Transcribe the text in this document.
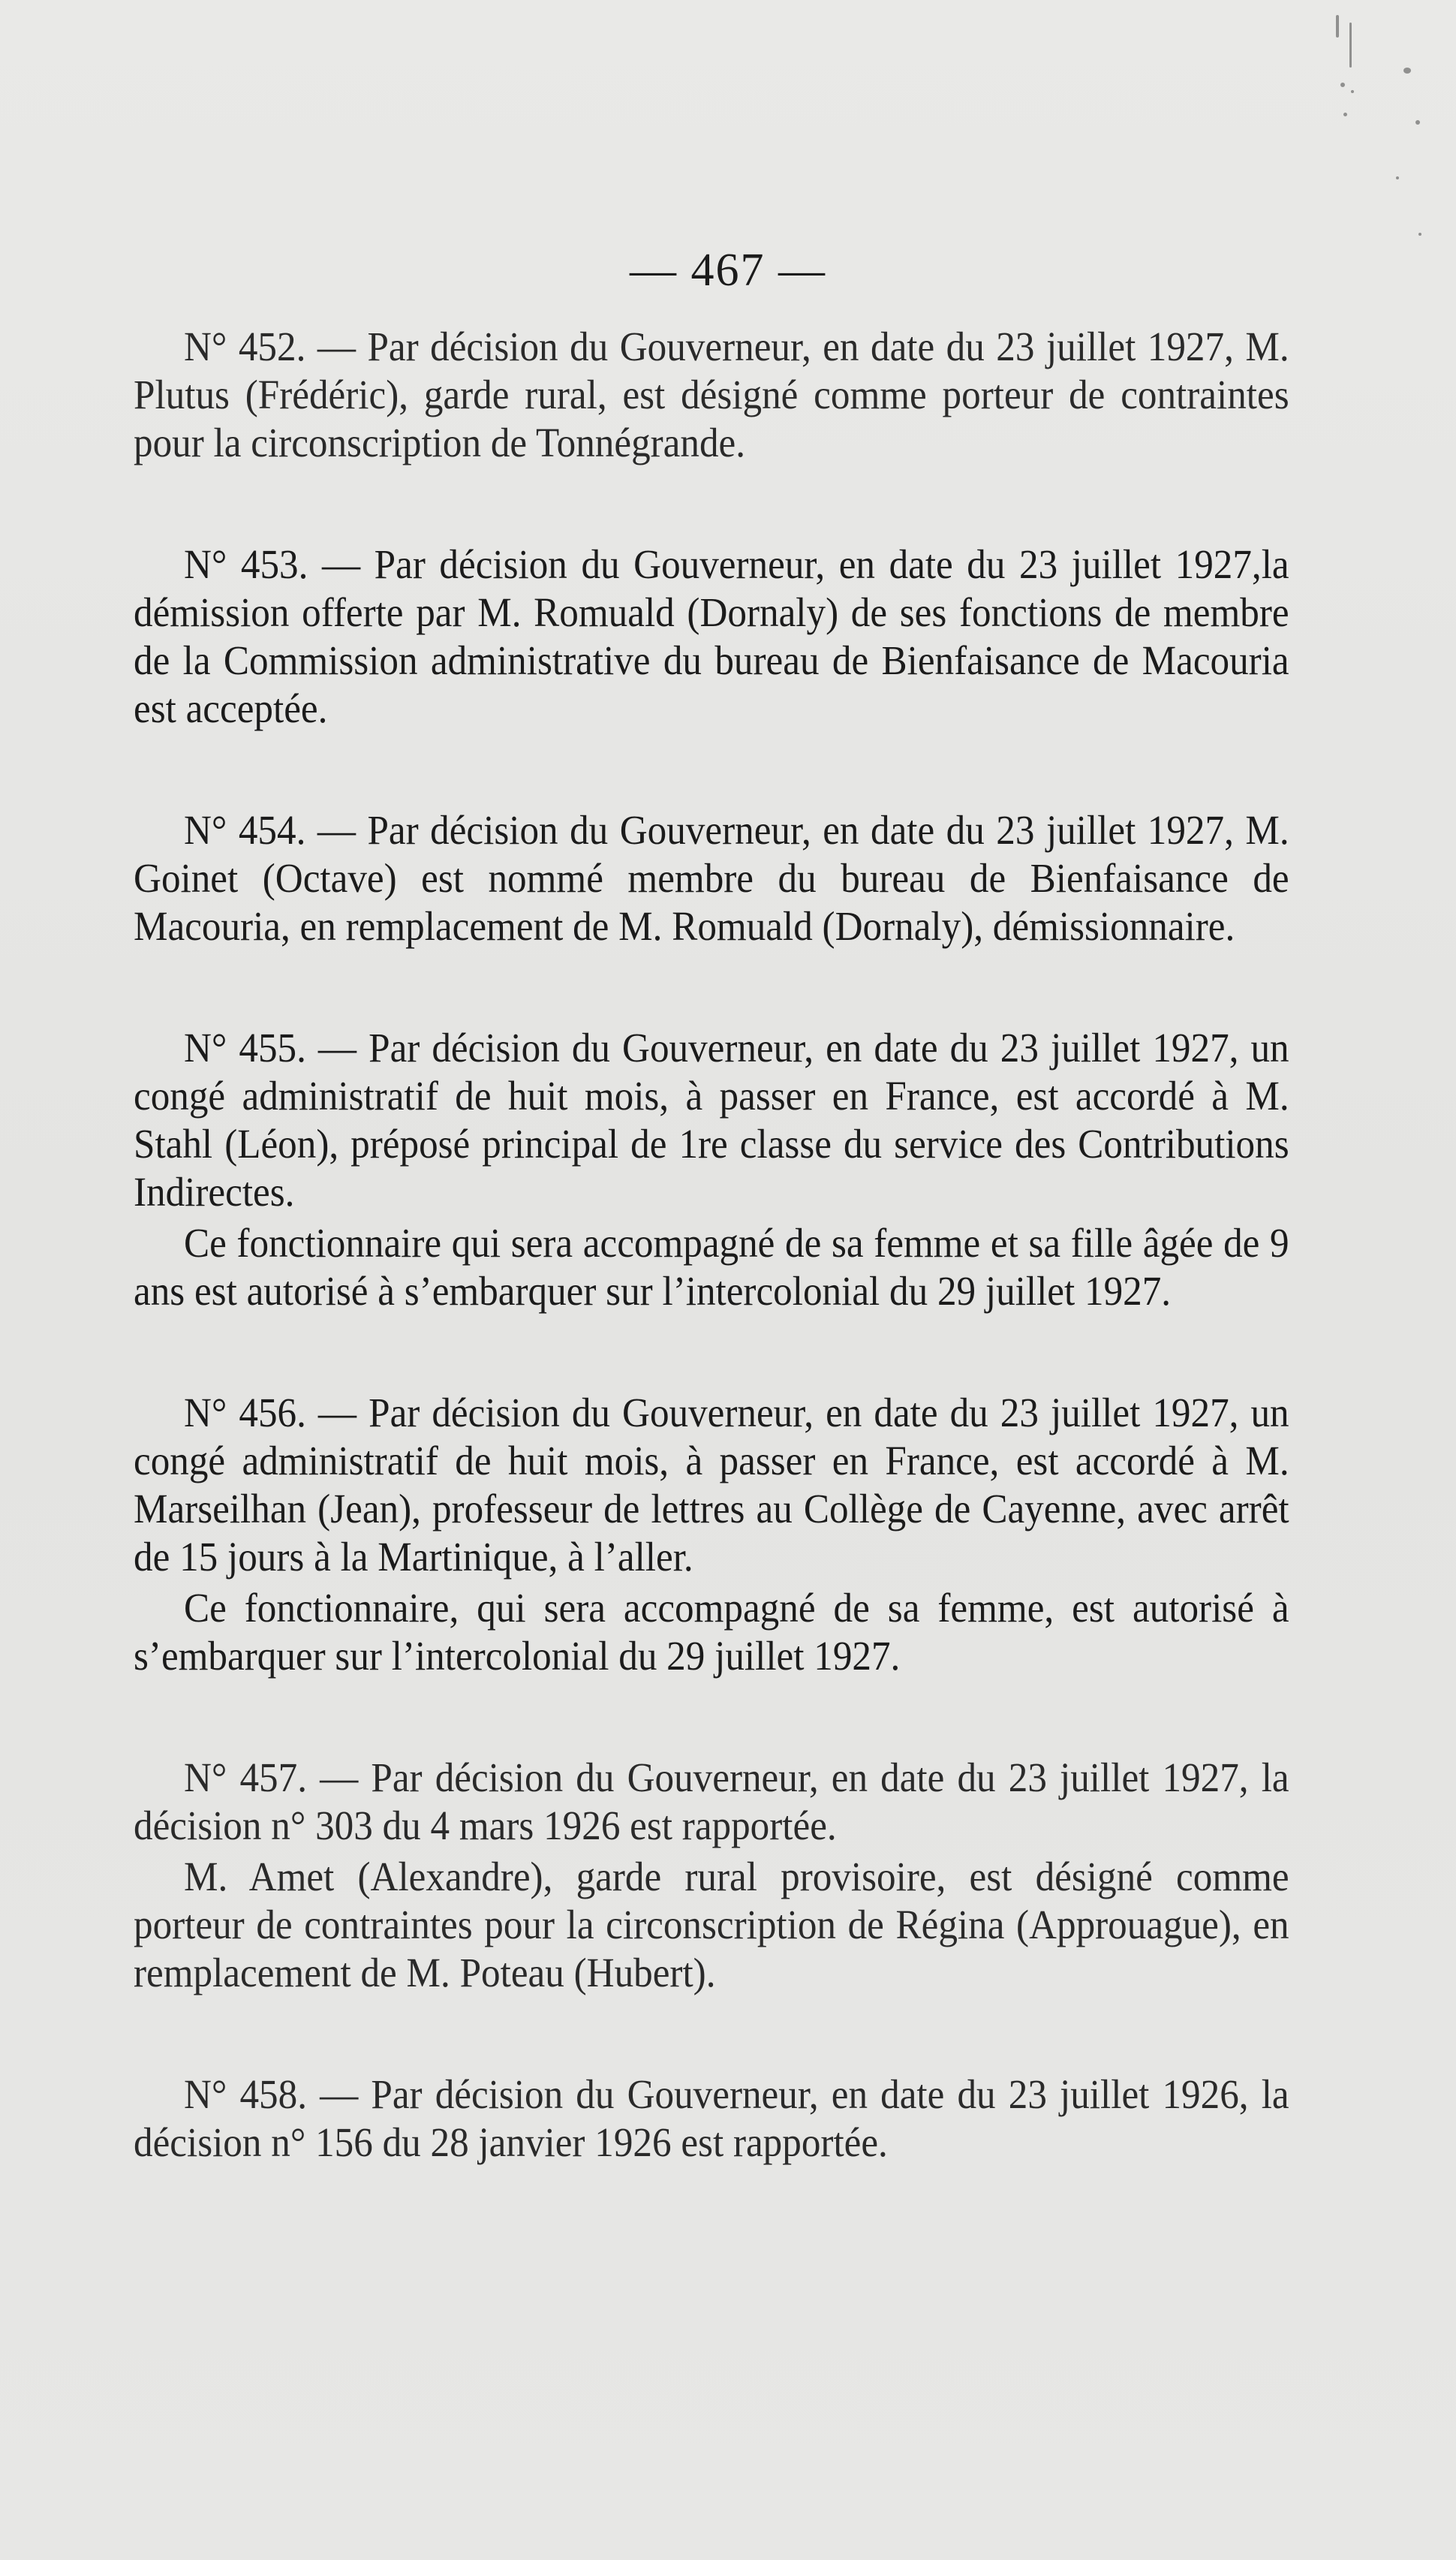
— 467 —

N° 452. — Par décision du Gouverneur, en date du 23 juillet 1927, M. Plutus (Frédéric), garde rural, est désigné comme porteur de contraintes pour la circonscription de Tonnégrande.

N° 453. — Par décision du Gouverneur, en date du 23 juillet 1927,la démission offerte par M. Romuald (Dornaly) de ses fonctions de membre de la Commission administrative du bureau de Bienfaisance de Macouria est acceptée.

N° 454. — Par décision du Gouverneur, en date du 23 juillet 1927, M. Goinet (Octave) est nommé membre du bureau de Bienfaisance de Macouria, en remplacement de M. Romuald (Dornaly), démissionnaire.

N° 455. — Par décision du Gouverneur, en date du 23 juillet 1927, un congé administratif de huit mois, à passer en France, est accordé à M. Stahl (Léon), préposé principal de 1re classe du service des Contributions Indirectes.

Ce fonctionnaire qui sera accompagné de sa femme et sa fille âgée de 9 ans est autorisé à s’embarquer sur l’intercolonial du 29 juillet 1927.

N° 456. — Par décision du Gouverneur, en date du 23 juillet 1927, un congé administratif de huit mois, à passer en France, est accordé à M. Marseilhan (Jean), professeur de lettres au Collège de Cayenne, avec arrêt de 15 jours à la Martinique, à l’aller.

Ce fonctionnaire, qui sera accompagné de sa femme, est autorisé à s’embarquer sur l’intercolonial du 29 juillet 1927.

N° 457. — Par décision du Gouverneur, en date du 23 juillet 1927, la décision n° 303 du 4 mars 1926 est rapportée.

M. Amet (Alexandre), garde rural provisoire, est désigné comme porteur de contraintes pour la circonscription de Régina (Approuague), en remplacement de M. Poteau (Hubert).

N° 458. — Par décision du Gouverneur, en date du 23 juillet 1926, la décision n° 156 du 28 janvier 1926 est rapportée.
